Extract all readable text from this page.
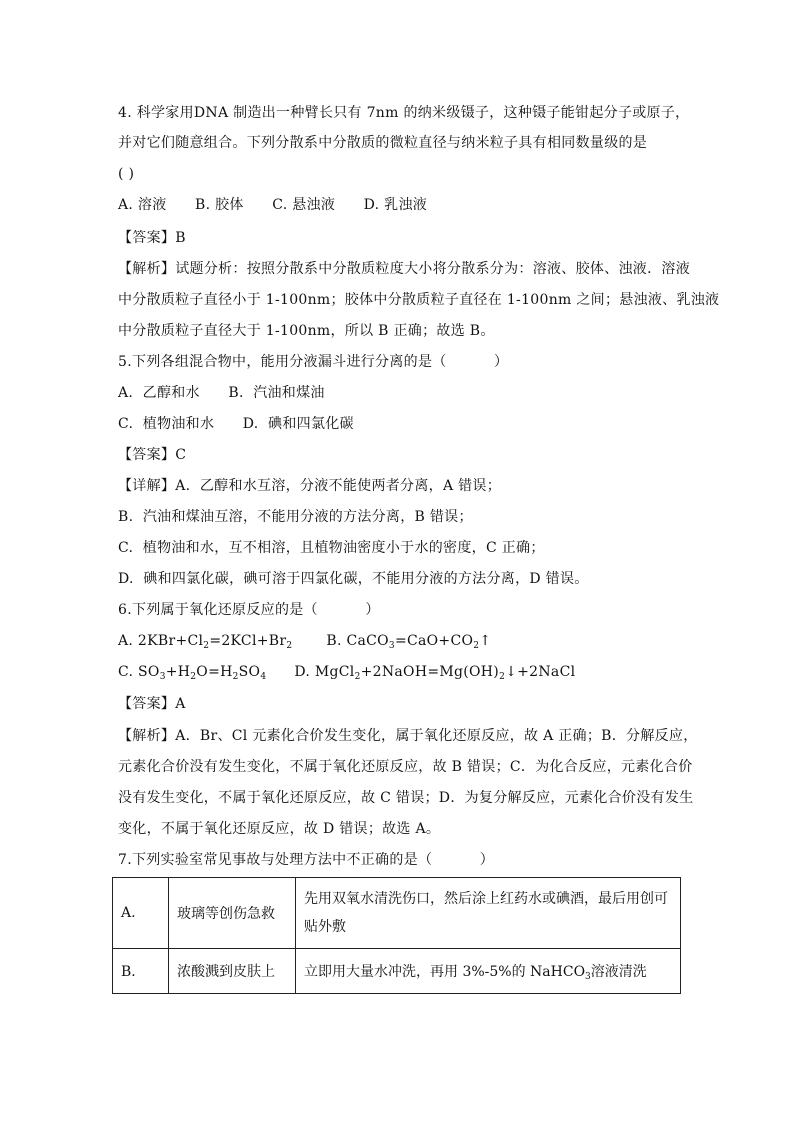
4. 科学家用DNA 制造出一种臂长只有 7nm 的纳米级镊子，这种镊子能钳起分子或原子，
并对它们随意组合。下列分散系中分散质的微粒直径与纳米粒子具有相同数量级的是
( )
A. 溶液      B. 胶体      C. 悬浊液      D. 乳浊液
【答案】B
【解析】试题分析：按照分散系中分散质粒度大小将分散系分为：溶液、胶体、浊液．溶液
中分散质粒子直径小于 1-100nm；胶体中分散质粒子直径在 1-100nm 之间；悬浊液、乳浊液
中分散质粒子直径大于 1-100nm，所以 B 正确；故选 B。
5.下列各组混合物中，能用分液漏斗进行分离的是（          ）
A.  乙醇和水      B.  汽油和煤油
C.  植物油和水      D.  碘和四氯化碳
【答案】C
【详解】A.  乙醇和水互溶，分液不能使两者分离，A 错误；
B.  汽油和煤油互溶，不能用分液的方法分离，B 错误；
C.  植物油和水，互不相溶，且植物油密度小于水的密度，C 正确；
D.  碘和四氯化碳，碘可溶于四氯化碳，不能用分液的方法分离，D 错误。
6.下列属于氧化还原反应的是（          ）
A. $2KBr+Cl_2=2KCl+Br_2$ B. $CaCO_3=CaO+CO_2↑$
C. $SO_3+H_2O=H_2SO_4$ D. $MgCl_2+2NaOH=Mg(OH)_2↓+2NaCl$
【答案】A
【解析】A．Br、Cl 元素化合价发生变化，属于氧化还原反应，故 A 正确；B．分解反应，
元素化合价没有发生变化，不属于氧化还原反应，故 B 错误；C．为化合反应，元素化合价
没有发生变化，不属于氧化还原反应，故 C 错误；D．为复分解反应，元素化合价没有发生
变化，不属于氧化还原反应，故 D 错误；故选 A。
7.下列实验室常见事故与处理方法中不正确的是（          ）
A.	玻璃等创伤急救	先用双氧水清洗伤口，然后涂上红药水或碘酒，最后用创可贴外敷

B．	浓酸溅到皮肤上	立即用大量水冲洗，再用 3%-5%的 NaHCO$_3$溶液清洗
